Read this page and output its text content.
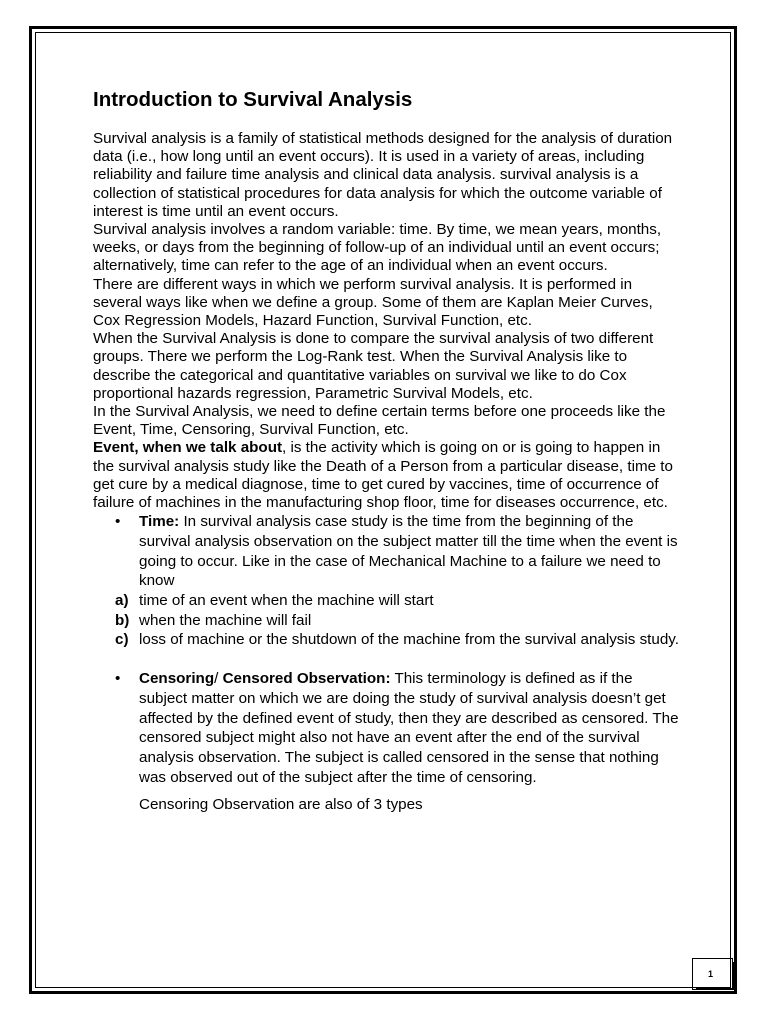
Introduction to Survival Analysis

Survival analysis is a family of statistical methods designed for the analysis of duration data (i.e., how long until an event occurs). It is used in a variety of areas, including reliability and failure time analysis and clinical data analysis. survival analysis is a collection of statistical procedures for data analysis for which the outcome variable of interest is time until an event occurs.

Survival analysis involves a random variable: time. By time, we mean years, months, weeks, or days from the beginning of follow-up of an individual until an event occurs; alternatively, time can refer to the age of an individual when an event occurs.

There are different ways in which we perform survival analysis. It is performed in several ways like when we define a group. Some of them are Kaplan Meier Curves, Cox Regression Models, Hazard Function, Survival Function, etc.

When the Survival Analysis is done to compare the survival analysis of two different groups. There we perform the Log-Rank test. When the Survival Analysis like to describe the categorical and quantitative variables on survival we like to do Cox proportional hazards regression, Parametric Survival Models, etc.

In the Survival Analysis, we need to define certain terms before one proceeds like the Event, Time, Censoring, Survival Function, etc.

Event, when we talk about, is the activity which is going on or is going to happen in the survival analysis study like the Death of a Person from a particular disease, time to get cure by a medical diagnose, time to get cured by vaccines, time of occurrence of failure of machines in the manufacturing shop floor, time for diseases occurrence, etc.

• Time: In survival analysis case study is the time from the beginning of the survival analysis observation on the subject matter till the time when the event is going to occur. Like in the case of Mechanical Machine to a failure we need to know
a) time of an event when the machine will start
b) when the machine will fail
c) loss of machine or the shutdown of the machine from the survival analysis study.
• Censoring/ Censored Observation: This terminology is defined as if the subject matter on which we are doing the study of survival analysis doesn’t get affected by the defined event of study, then they are described as censored. The censored subject might also not have an event after the end of the survival analysis observation. The subject is called censored in the sense that nothing was observed out of the subject after the time of censoring.
Censoring Observation are also of 3 types
1
